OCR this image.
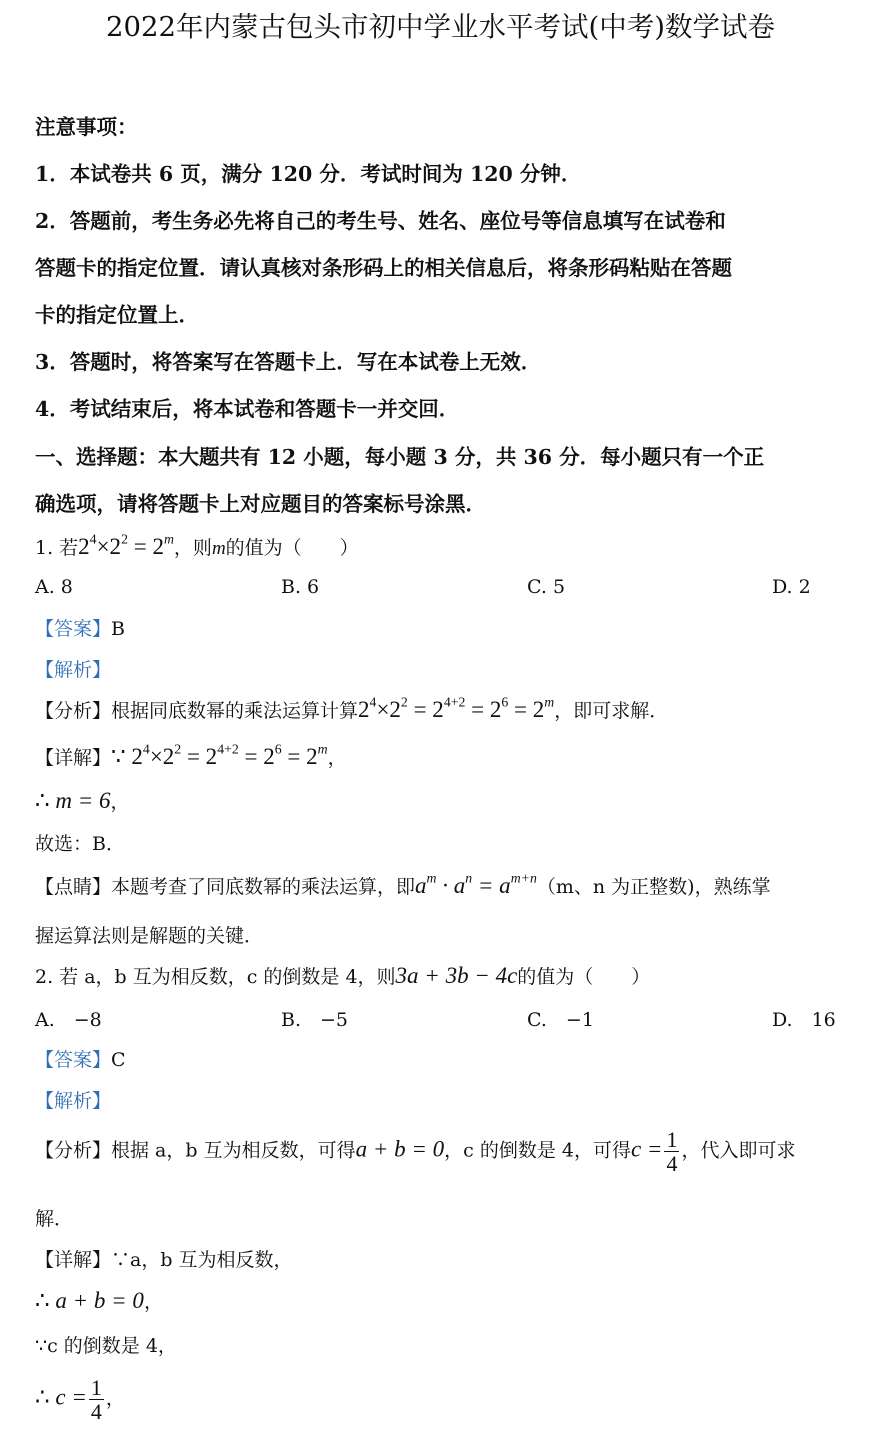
2022年内蒙古包头市初中学业水平考试(中考)数学试卷
注意事项：
1．本试卷共 6 页，满分 120 分．考试时间为 120 分钟．
2．答题前，考生务必先将自己的考生号、姓名、座位号等信息填写在试卷和
答题卡的指定位置．请认真核对条形码上的相关信息后，将条形码粘贴在答题
卡的指定位置上．
3．答题时，将答案写在答题卡上．写在本试卷上无效．
4．考试结束后，将本试卷和答题卡一并交回．
一、选择题：本大题共有 12 小题，每小题 3 分，共 36 分．每小题只有一个正
确选项，请将答题卡上对应题目的答案标号涂黑．
1. 若$2^4\times 2^2 = 2^m$，则m的值为（　　）
A. 8	B. 6	C. 5	D. 2
【答案】B
【解析】
【分析】根据同底数幂的乘法运算计算$2^4\times 2^2 = 2^{4+2} = 2^6 = 2^m$，即可求解．
【详解】∵ $2^4\times 2^2 = 2^{4+2} = 2^6 = 2^m$，
∴ m = 6，
故选：B．
【点睛】本题考查了同底数幂的乘法运算，即$a^m \cdot a^n = a^{m+n}(m$、n 为正整数)，熟练掌
握运算法则是解题的关键．
2. 若 a，b 互为相反数，c 的倒数是 4，则3a + 3b − 4c的值为（　　）
A.　−8	B.　−5	C.　−1	D.　16
【答案】C
【解析】
【分析】根据 a，b 互为相反数，可得a + b = 0，c 的倒数是 4，可得$c = \frac{1}{4}$ ，代入即可求
解．
【详解】∵a，b 互为相反数，
∴ a + b = 0，
∵c 的倒数是 4，
∴ $c = \frac{1}{4}$ ，
